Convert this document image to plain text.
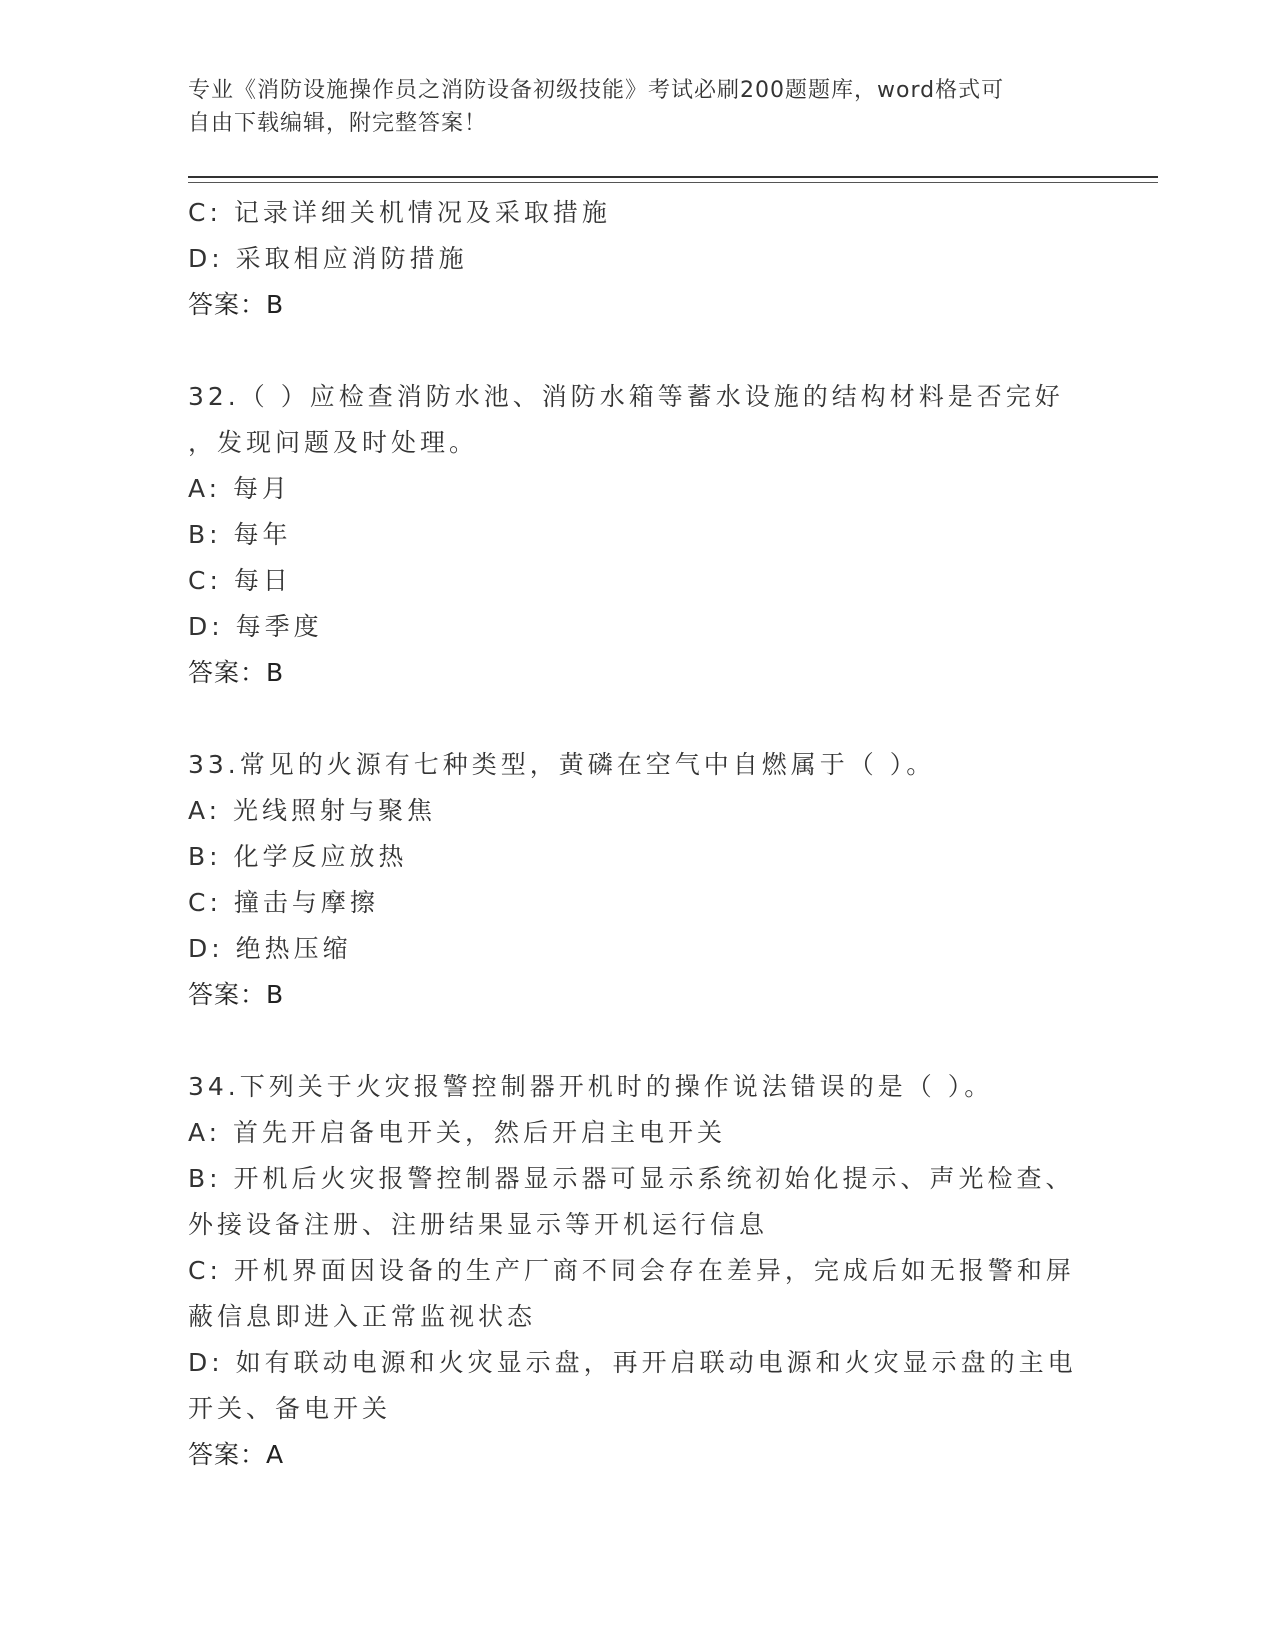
专业《消防设施操作员之消防设备初级技能》考试必刷200题题库，word格式可
自由下载编辑，附完整答案！
C: 记录详细关机情况及采取措施
D: 采取相应消防措施
答案：B
32.（ ）应检查消防水池、消防水箱等蓄水设施的结构材料是否完好
，发现问题及时处理。
A: 每月
B: 每年
C: 每日
D: 每季度
答案：B
33.常见的火源有七种类型，黄磷在空气中自燃属于（ ）。
A: 光线照射与聚焦
B: 化学反应放热
C: 撞击与摩擦
D: 绝热压缩
答案：B
34.下列关于火灾报警控制器开机时的操作说法错误的是（ ）。
A: 首先开启备电开关，然后开启主电开关
B: 开机后火灾报警控制器显示器可显示系统初始化提示、声光检查、
外接设备注册、注册结果显示等开机运行信息
C: 开机界面因设备的生产厂商不同会存在差异，完成后如无报警和屏
蔽信息即进入正常监视状态
D: 如有联动电源和火灾显示盘，再开启联动电源和火灾显示盘的主电
开关、备电开关
答案：A
